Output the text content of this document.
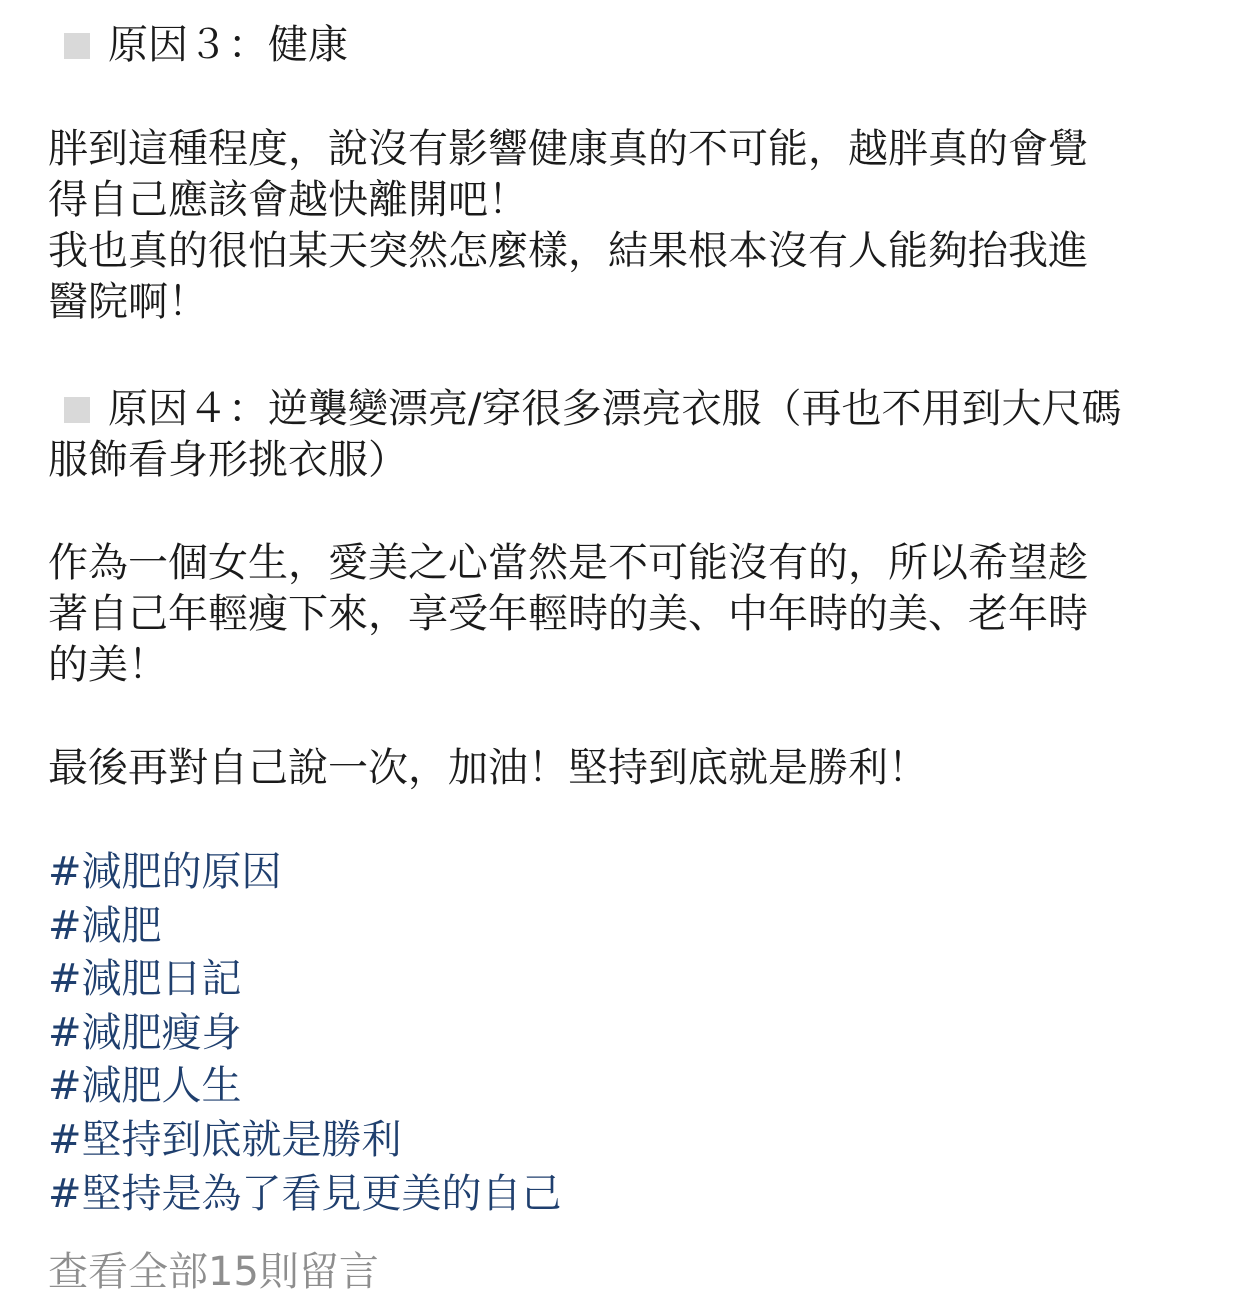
原因３：健康
胖到這種程度，說沒有影響健康真的不可能，越胖真的會覺
得自己應該會越快離開吧！
我也真的很怕某天突然怎麼樣，結果根本沒有人能夠抬我進
醫院啊！
原因４：逆襲變漂亮/穿很多漂亮衣服（再也不用到大尺碼
服飾看身形挑衣服）
作為一個女生，愛美之心當然是不可能沒有的，所以希望趁
著自己年輕瘦下來，享受年輕時的美、中年時的美、老年時
的美！
最後再對自己說一次，加油！堅持到底就是勝利！
#減肥的原因
#減肥
#減肥日記
#減肥瘦身
#減肥人生
#堅持到底就是勝利
#堅持是為了看見更美的自己
查看全部15則留言
